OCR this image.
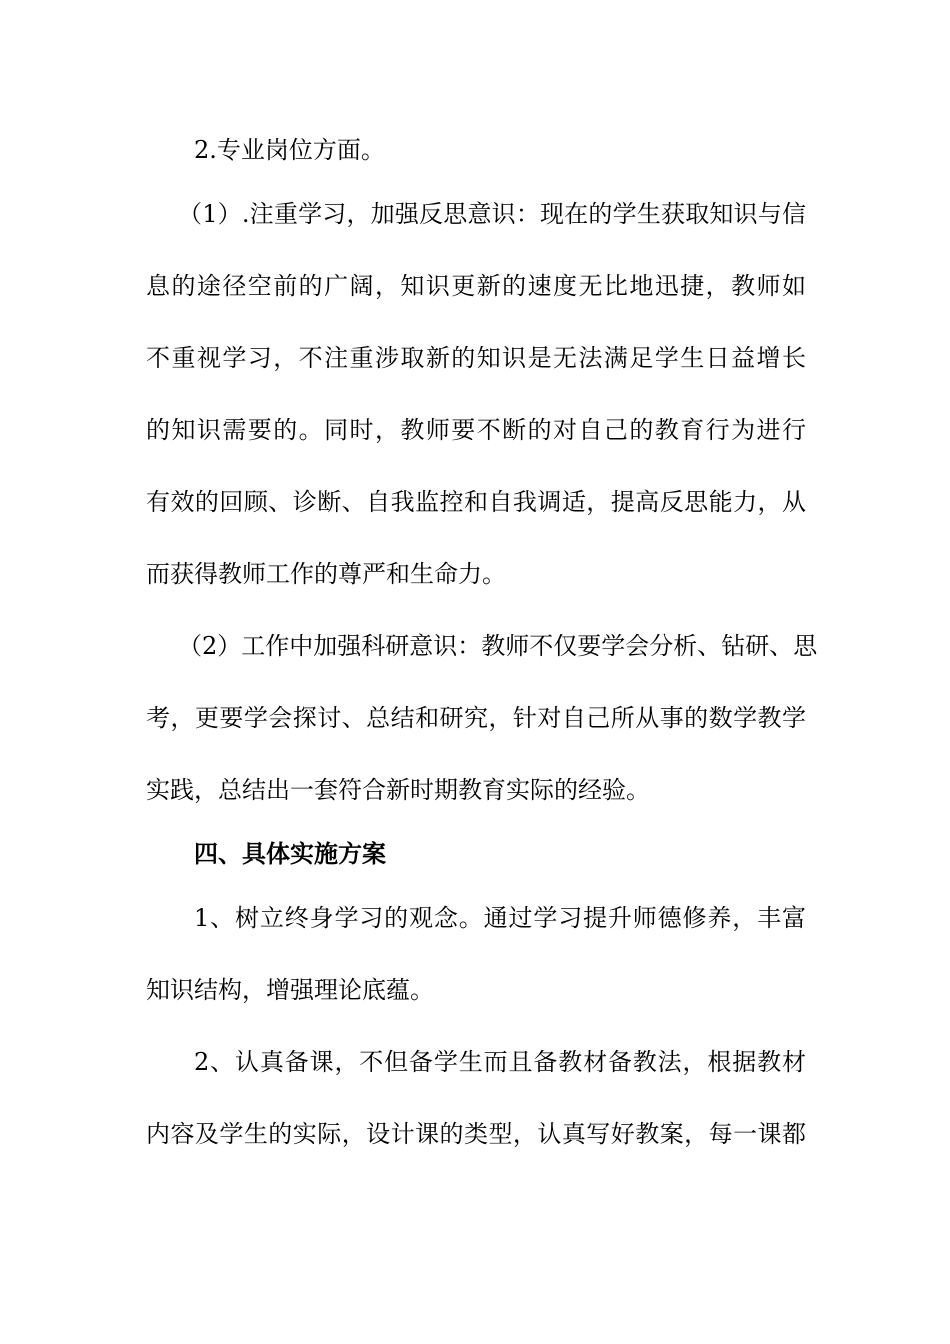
2.专业岗位方面。
（1）.注重学习，加强反思意识：现在的学生获取知识与信
息的途径空前的广阔，知识更新的速度无比地迅捷，教师如
不重视学习，不注重涉取新的知识是无法满足学生日益增长
的知识需要的。同时，教师要不断的对自己的教育行为进行
有效的回顾、诊断、自我监控和自我调适，提高反思能力，从
而获得教师工作的尊严和生命力。
（2）工作中加强科研意识：教师不仅要学会分析、钻研、思
考，更要学会探讨、总结和研究，针对自己所从事的数学教学
实践，总结出一套符合新时期教育实际的经验。
四、具体实施方案
1、树立终身学习的观念。通过学习提升师德修养，丰富
知识结构，增强理论底蕴。
2、认真备课，不但备学生而且备教材备教法，根据教材
内容及学生的实际，设计课的类型，认真写好教案，每一课都
